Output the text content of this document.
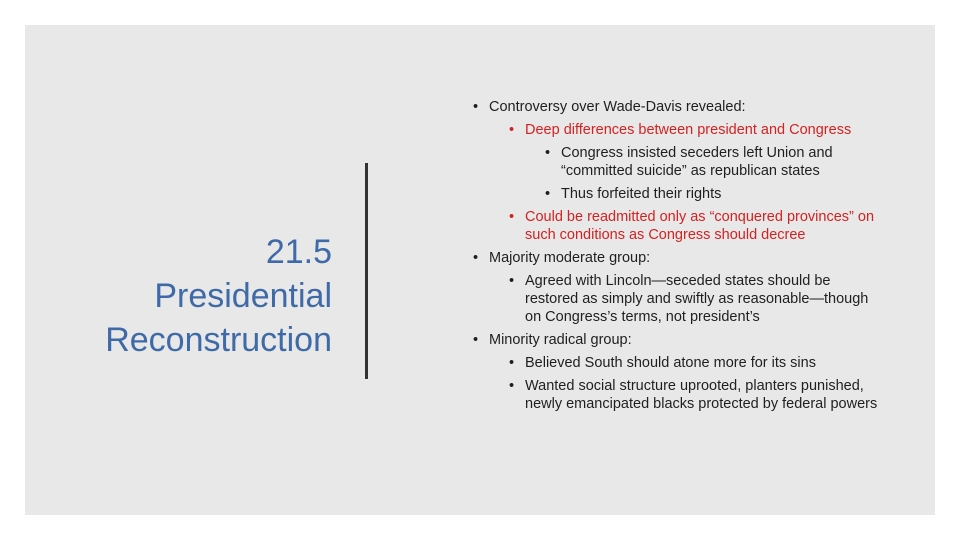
21.5
Presidential
Reconstruction
• Controversy over Wade-Davis revealed:
• Deep differences between president and Congress
• Congress insisted seceders left Union and “committed suicide” as republican states
• Thus forfeited their rights
• Could be readmitted only as “conquered provinces” on such conditions as Congress should decree
• Majority moderate group:
• Agreed with Lincoln—seceded states should be restored as simply and swiftly as reasonable—though on Congress’s terms, not president’s
• Minority radical group:
• Believed South should atone more for its sins
• Wanted social structure uprooted, planters punished, newly emancipated blacks protected by federal powers
